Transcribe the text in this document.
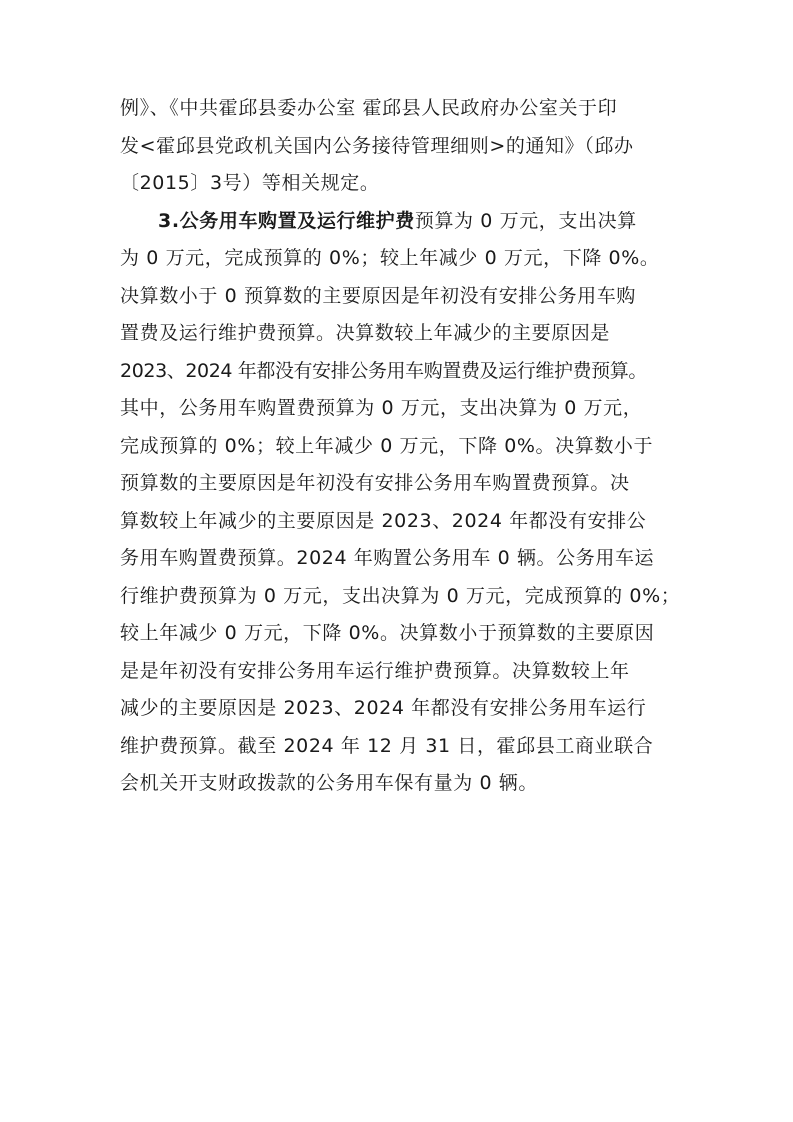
例》、《中共霍邱县委办公室 霍邱县人民政府办公室关于印
发<霍邱县党政机关国内公务接待管理细则>的通知》（邱办
〔2015〕3号）等相关规定。
3.公务用车购置及运行维护费预算为 0 万元，支出决算
为 0 万元，完成预算的 0%；较上年减少 0 万元，下降 0%。
决算数小于 0 预算数的主要原因是年初没有安排公务用车购
置费及运行维护费预算。决算数较上年减少的主要原因是
2023、2024 年都没有安排公务用车购置费及运行维护费预算。
其中，公务用车购置费预算为 0 万元，支出决算为 0 万元，
完成预算的 0%；较上年减少 0 万元，下降 0%。决算数小于
预算数的主要原因是年初没有安排公务用车购置费预算。决
算数较上年减少的主要原因是 2023、2024 年都没有安排公
务用车购置费预算。2024 年购置公务用车 0 辆。公务用车运
行维护费预算为 0 万元，支出决算为 0 万元，完成预算的 0%；
较上年减少 0 万元，下降 0%。决算数小于预算数的主要原因
是是年初没有安排公务用车运行维护费预算。决算数较上年
减少的主要原因是 2023、2024 年都没有安排公务用车运行
维护费预算。截至 2024 年 12 月 31 日，霍邱县工商业联合
会机关开支财政拨款的公务用车保有量为 0 辆。
